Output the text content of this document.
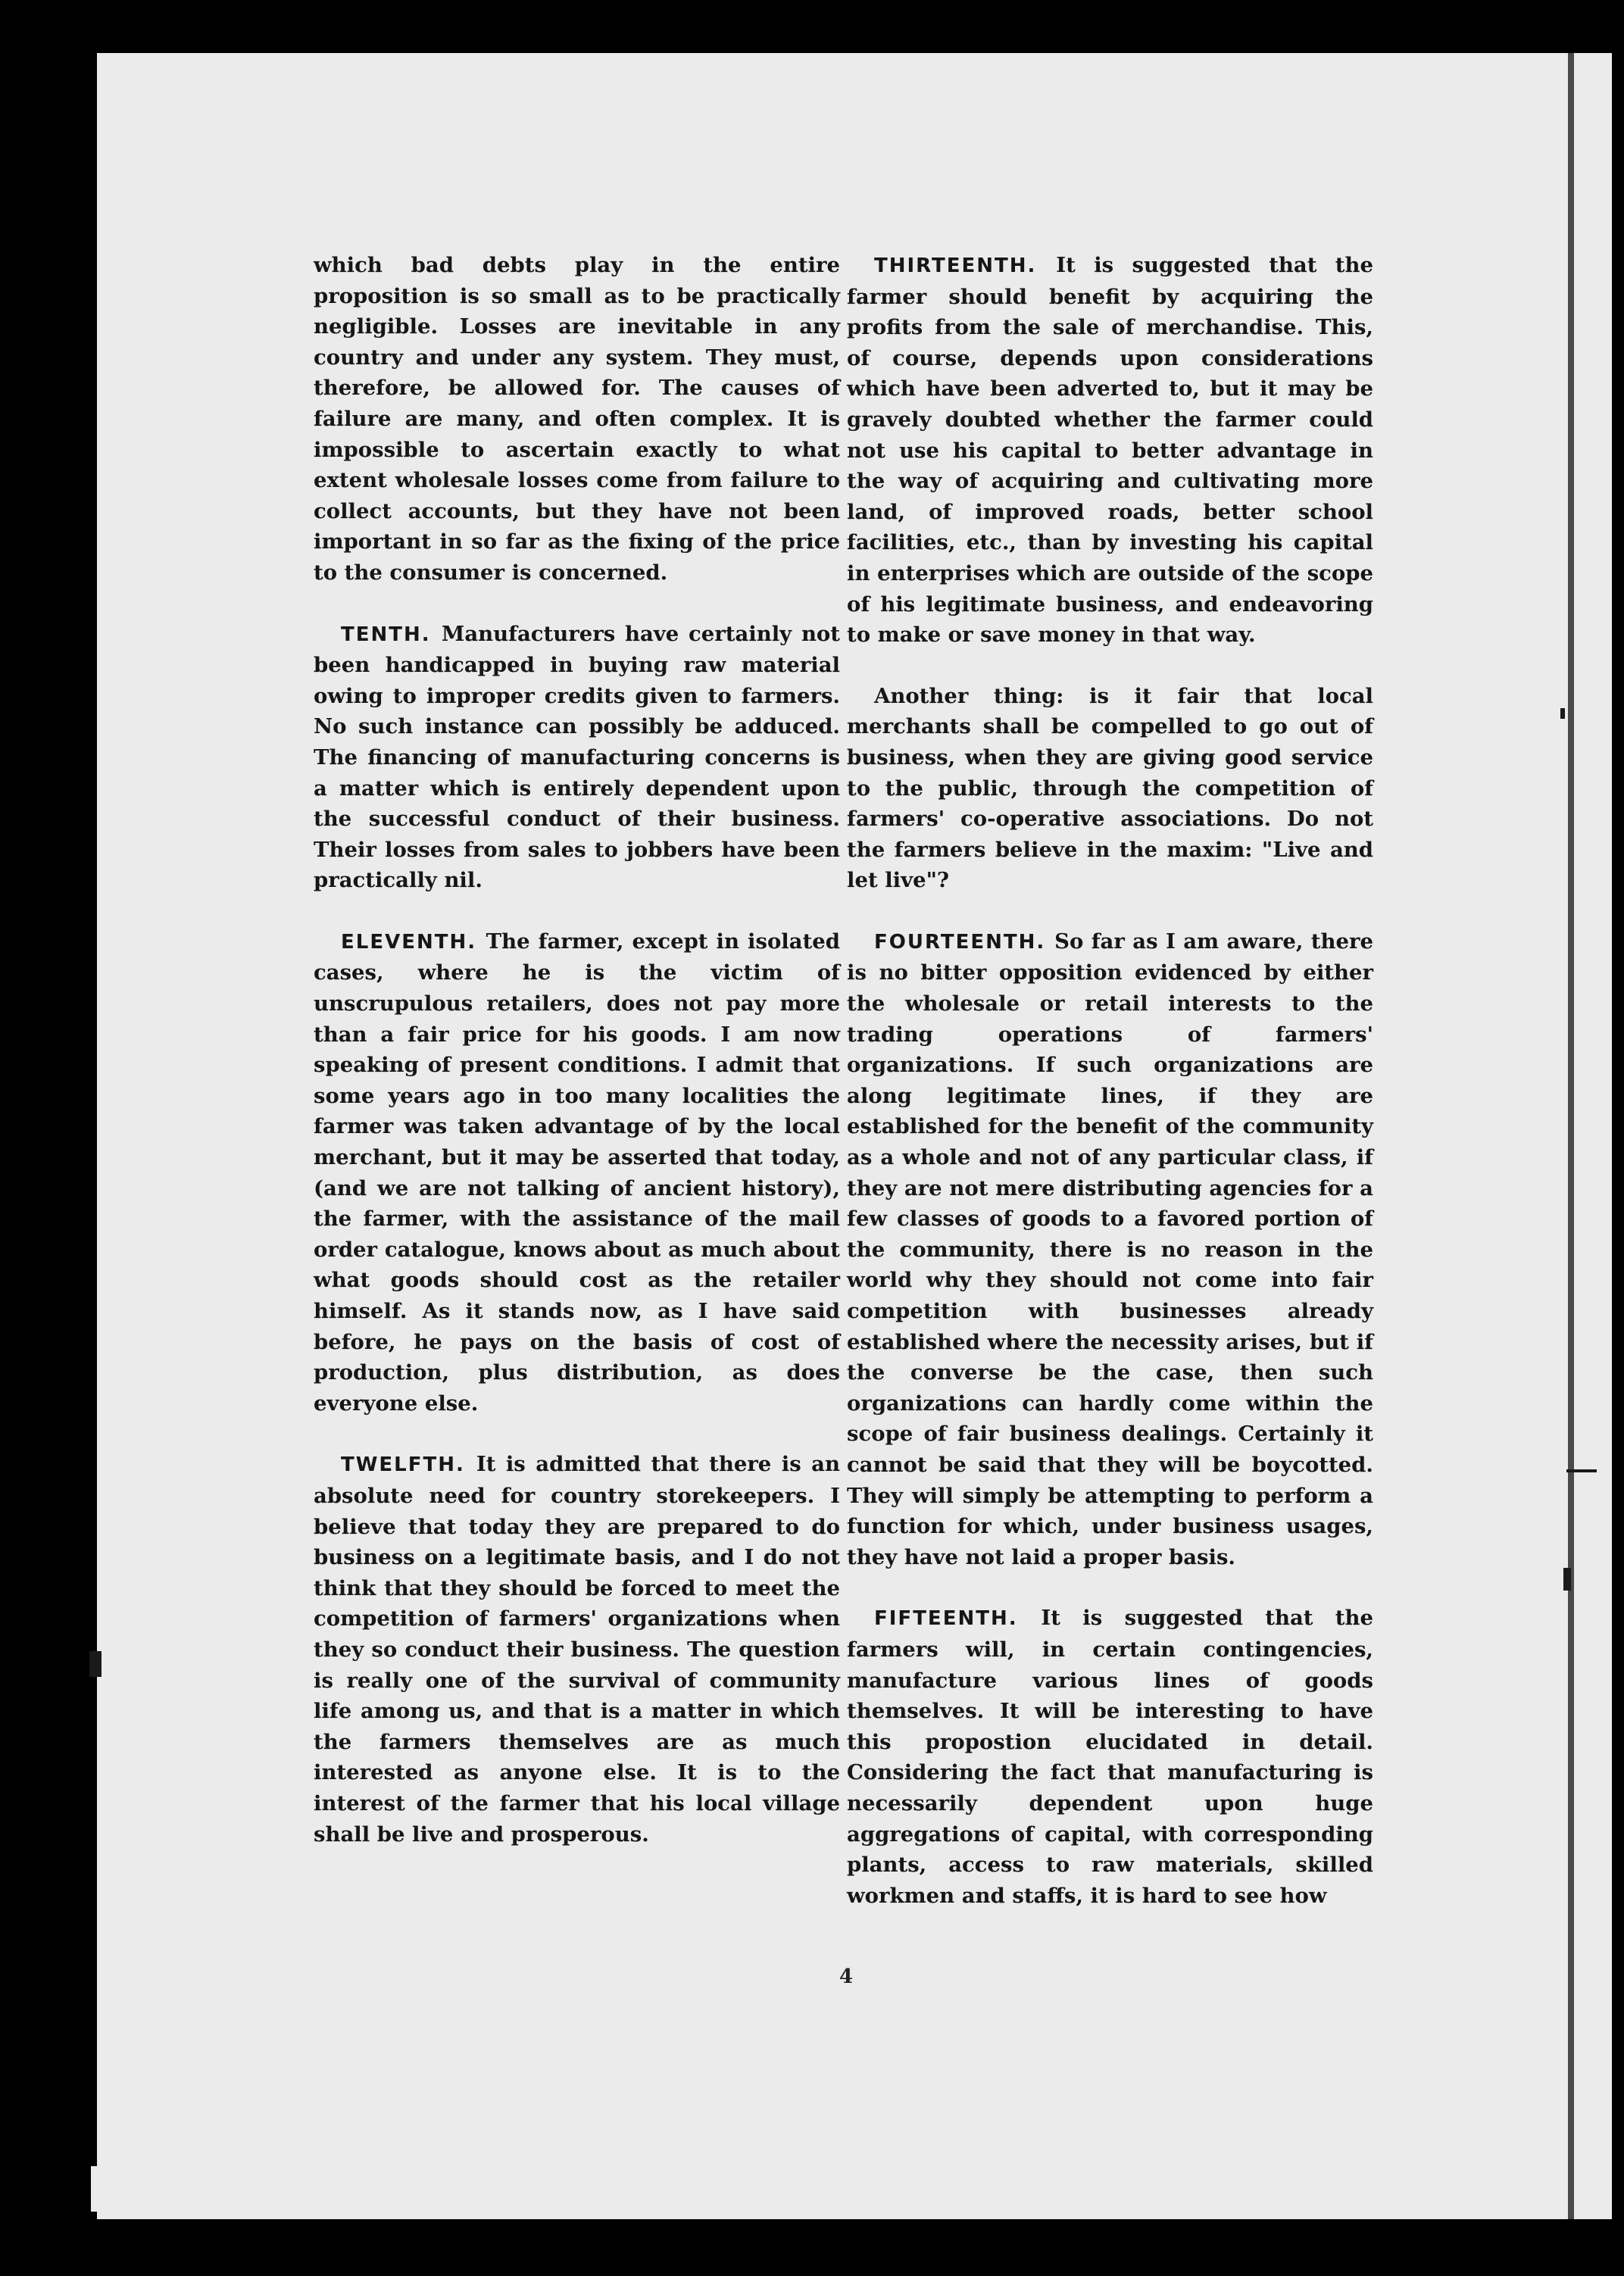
which bad debts play in the entire proposition is so small as to be practically negligible. Losses are inevitable in any country and under any system. They must, therefore, be allowed for. The causes of failure are many, and often complex. It is impossible to ascertain exactly to what extent wholesale losses come from failure to collect accounts, but they have not been important in so far as the fixing of the price to the consumer is concerned.

TENTH. Manufacturers have certainly not been handicapped in buying raw material owing to improper credits given to farmers. No such instance can possibly be adduced. The financing of manufacturing concerns is a matter which is entirely dependent upon the successful conduct of their business. Their losses from sales to jobbers have been practically nil.

ELEVENTH. The farmer, except in isolated cases, where he is the victim of unscrupulous retailers, does not pay more than a fair price for his goods. I am now speaking of present conditions. I admit that some years ago in too many localities the farmer was taken advantage of by the local merchant, but it may be asserted that today, (and we are not talking of ancient history), the farmer, with the assistance of the mail order catalogue, knows about as much about what goods should cost as the retailer himself. As it stands now, as I have said before, he pays on the basis of cost of production, plus distribution, as does everyone else.

TWELFTH. It is admitted that there is an absolute need for country storekeepers. I believe that today they are prepared to do business on a legitimate basis, and I do not think that they should be forced to meet the competition of farmers' organizations when they so conduct their business. The question is really one of the survival of community life among us, and that is a matter in which the farmers themselves are as much interested as anyone else. It is to the interest of the farmer that his local village shall be live and prosperous.

THIRTEENTH. It is suggested that the farmer should benefit by acquiring the profits from the sale of merchandise. This, of course, depends upon considerations which have been adverted to, but it may be gravely doubted whether the farmer could not use his capital to better advantage in the way of acquiring and cultivating more land, of improved roads, better school facilities, etc., than by investing his capital in enterprises which are outside of the scope of his legitimate business, and endeavoring to make or save money in that way.

Another thing: is it fair that local merchants shall be compelled to go out of business, when they are giving good service to the public, through the competition of farmers' co-operative associations. Do not the farmers believe in the maxim: "Live and let live"?

FOURTEENTH. So far as I am aware, there is no bitter opposition evidenced by either the wholesale or retail interests to the trading operations of farmers' organizations. If such organizations are along legitimate lines, if they are established for the benefit of the community as a whole and not of any particular class, if they are not mere distributing agencies for a few classes of goods to a favored portion of the community, there is no reason in the world why they should not come into fair competition with businesses already established where the necessity arises, but if the converse be the case, then such organizations can hardly come within the scope of fair business dealings. Certainly it cannot be said that they will be boycotted. They will simply be attempting to perform a function for which, under business usages, they have not laid a proper basis.

FIFTEENTH. It is suggested that the farmers will, in certain contingencies, manufacture various lines of goods themselves. It will be interesting to have this propostion elucidated in detail. Considering the fact that manufacturing is necessarily dependent upon huge aggregations of capital, with corresponding plants, access to raw materials, skilled workmen and staffs, it is hard to see how

4
